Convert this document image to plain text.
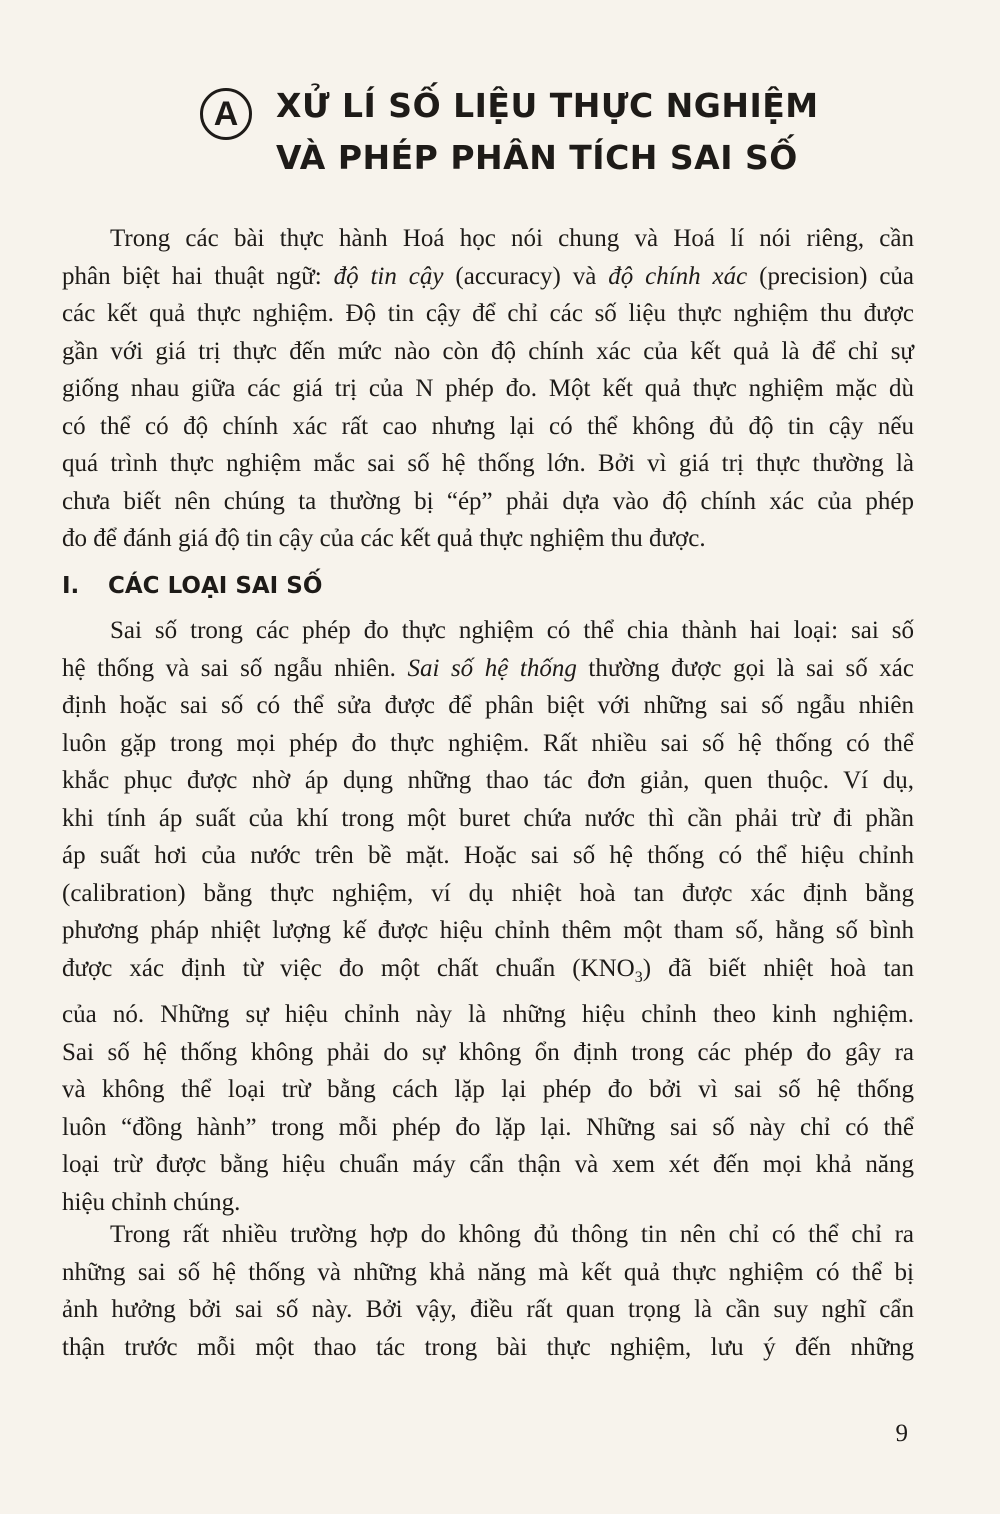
A	XỬ LÍ SỐ LIỆU THỰC NGHIỆM
VÀ PHÉP PHÂN TÍCH SAI SỐ

Trong các bài thực hành Hoá học nói chung và Hoá lí nói riêng, cần
phân biệt hai thuật ngữ: độ tin cậy (accuracy) và độ chính xác (precision) của
các kết quả thực nghiệm. Độ tin cậy để chỉ các số liệu thực nghiệm thu được
gần với giá trị thực đến mức nào còn độ chính xác của kết quả là để chỉ sự
giống nhau giữa các giá trị của N phép đo. Một kết quả thực nghiệm mặc dù
có thể có độ chính xác rất cao nhưng lại có thể không đủ độ tin cậy nếu
quá trình thực nghiệm mắc sai số hệ thống lớn. Bởi vì giá trị thực thường là
chưa biết nên chúng ta thường bị “ép” phải dựa vào độ chính xác của phép
đo để đánh giá độ tin cậy của các kết quả thực nghiệm thu được.

I. CÁC LOẠI SAI SỐ

Sai số trong các phép đo thực nghiệm có thể chia thành hai loại: sai số
hệ thống và sai số ngẫu nhiên. Sai số hệ thống thường được gọi là sai số xác
định hoặc sai số có thể sửa được để phân biệt với những sai số ngẫu nhiên
luôn gặp trong mọi phép đo thực nghiệm. Rất nhiều sai số hệ thống có thể
khắc phục được nhờ áp dụng những thao tác đơn giản, quen thuộc. Ví dụ,
khi tính áp suất của khí trong một buret chứa nước thì cần phải trừ đi phần
áp suất hơi của nước trên bề mặt. Hoặc sai số hệ thống có thể hiệu chỉnh
(calibration) bằng thực nghiệm, ví dụ nhiệt hoà tan được xác định bằng
phương pháp nhiệt lượng kế được hiệu chỉnh thêm một tham số, hằng số bình
được xác định từ việc đo một chất chuẩn $(KNO_3)$ đã biết nhiệt hoà tan
của nó. Những sự hiệu chỉnh này là những hiệu chỉnh theo kinh nghiệm.
Sai số hệ thống không phải do sự không ổn định trong các phép đo gây ra
và không thể loại trừ bằng cách lặp lại phép đo bởi vì sai số hệ thống
luôn “đồng hành” trong mỗi phép đo lặp lại. Những sai số này chỉ có thể
loại trừ được bằng hiệu chuẩn máy cẩn thận và xem xét đến mọi khả năng
hiệu chỉnh chúng.

Trong rất nhiều trường hợp do không đủ thông tin nên chỉ có thể chỉ ra
những sai số hệ thống và những khả năng mà kết quả thực nghiệm có thể bị
ảnh hưởng bởi sai số này. Bởi vậy, điều rất quan trọng là cần suy nghĩ cẩn
thận trước mỗi một thao tác trong bài thực nghiệm, lưu ý đến những

9
